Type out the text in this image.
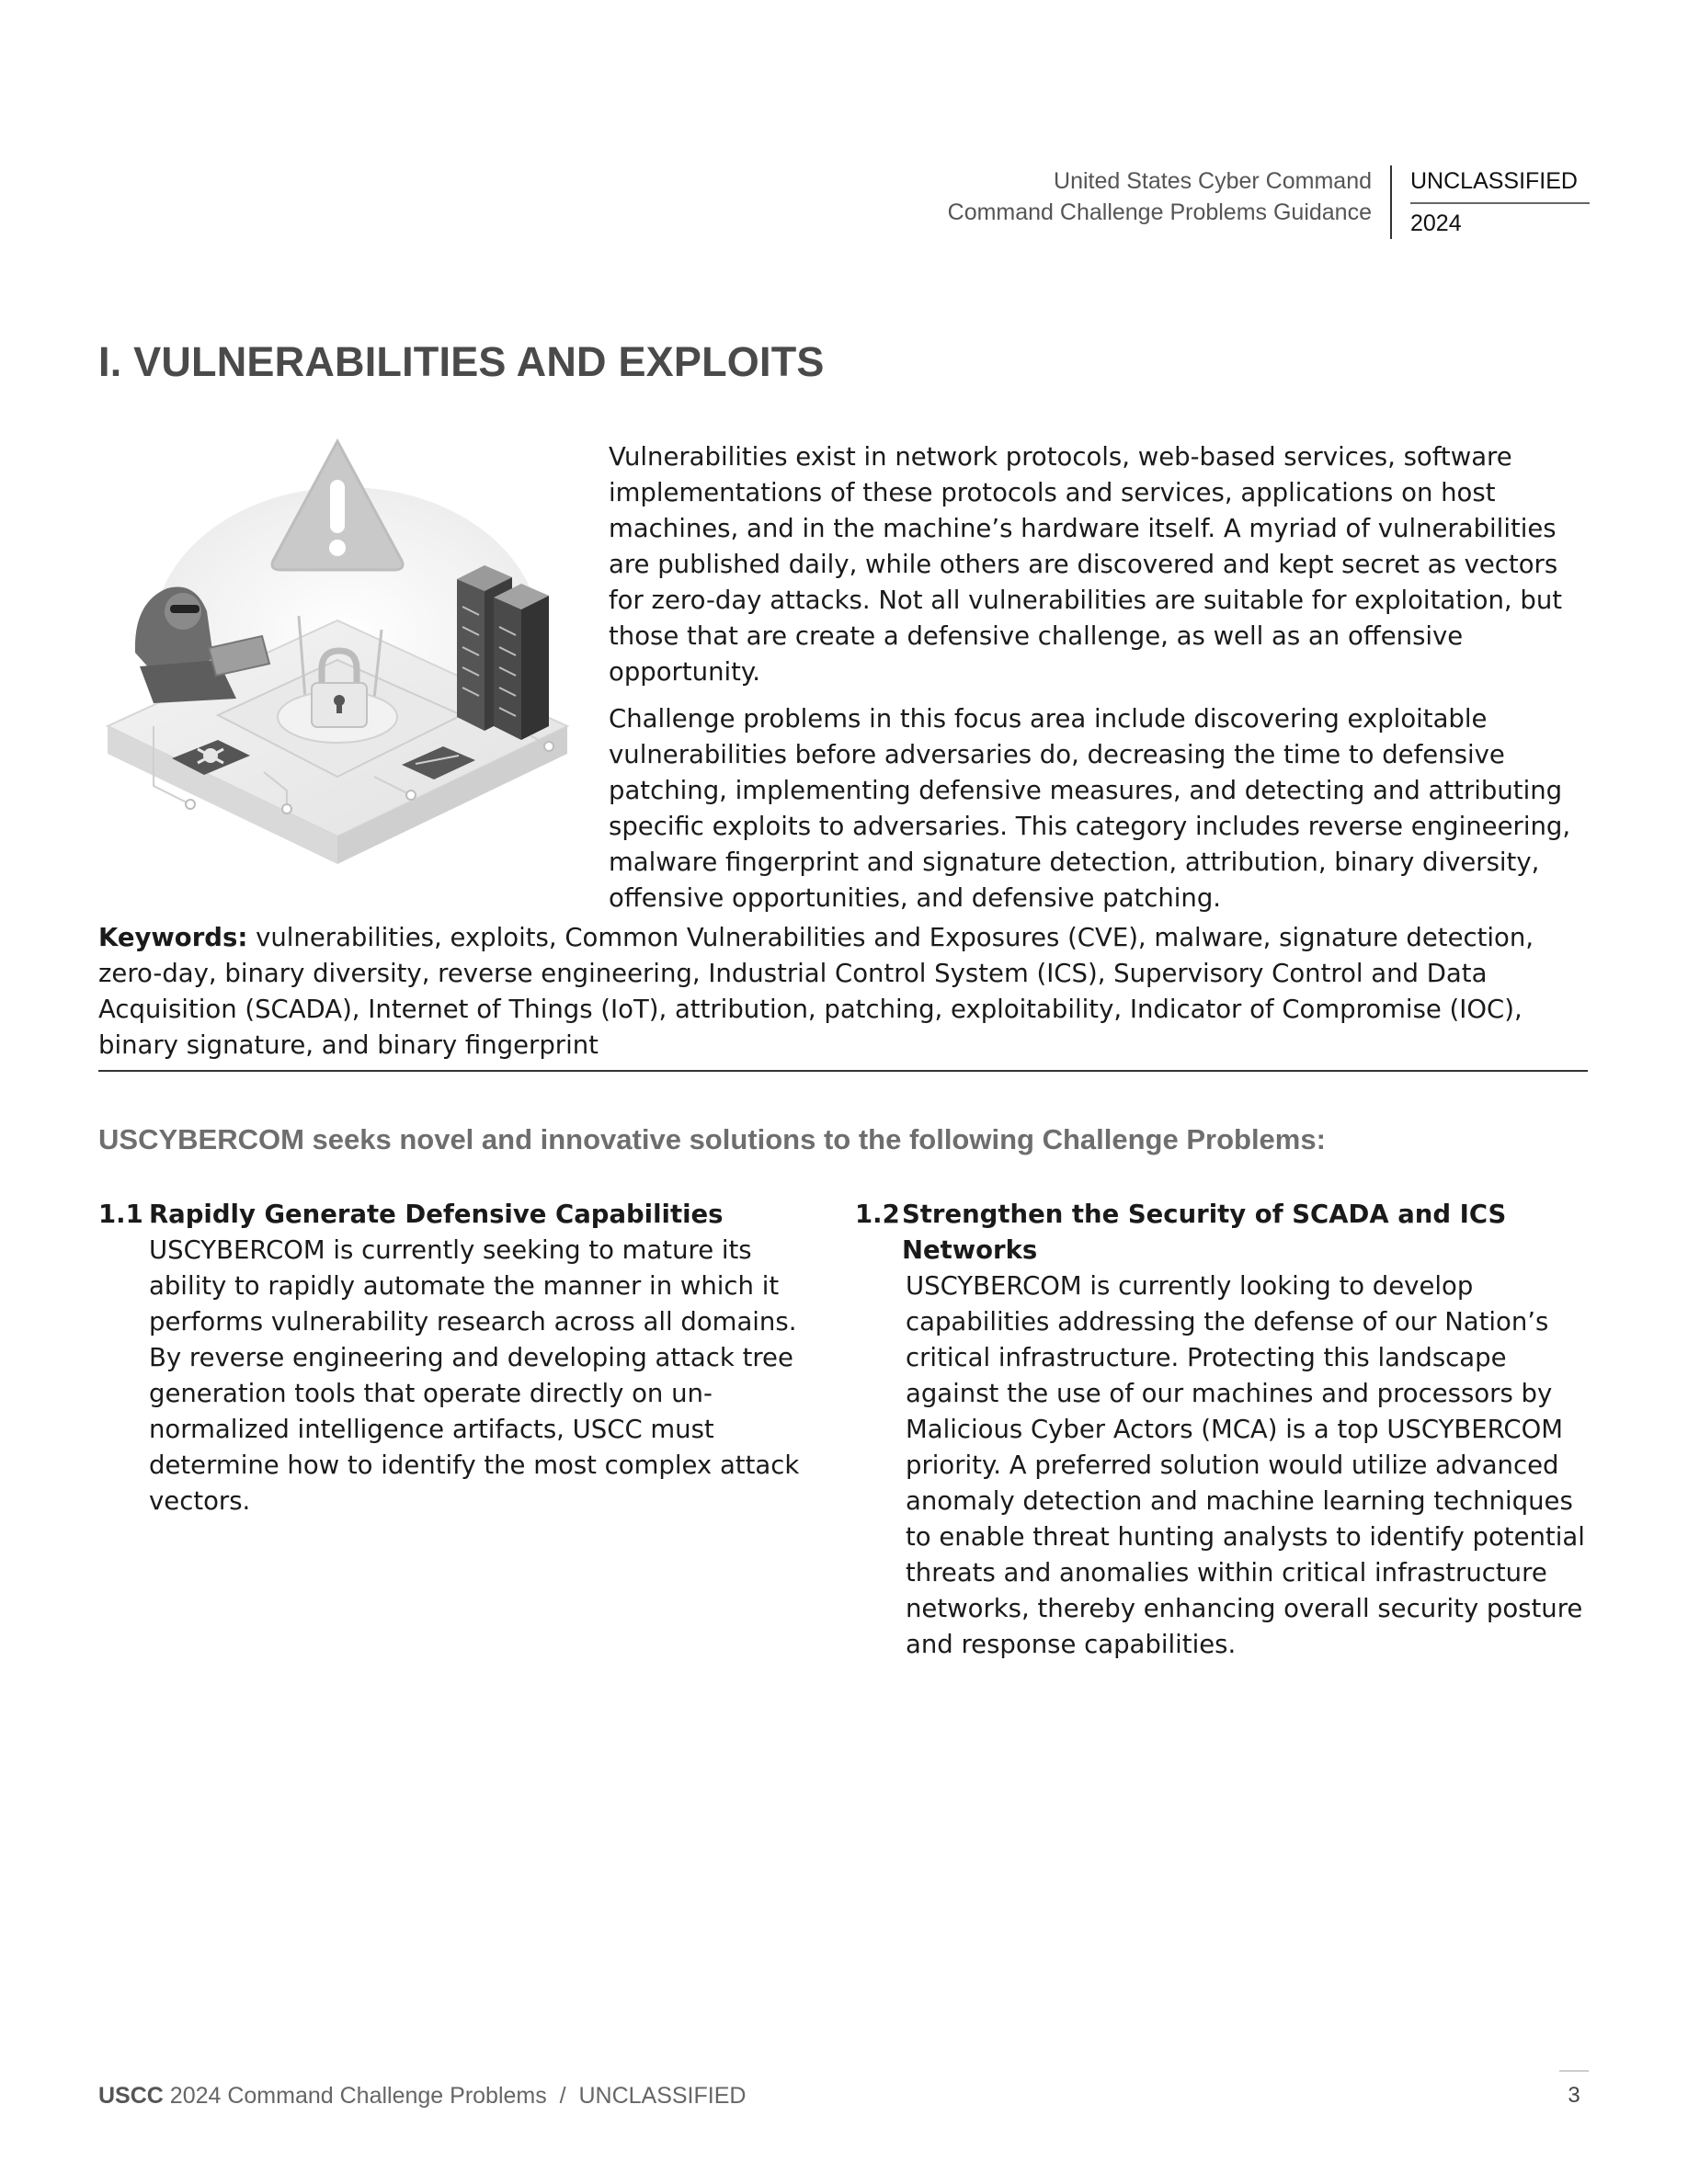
United States Cyber Command
Command Challenge Problems Guidance
UNCLASSIFIED
2024
I. VULNERABILITIES AND EXPLOITS

Vulnerabilities exist in network protocols, web-based services, software implementations of these protocols and services, applications on host machines, and in the machine’s hardware itself. A myriad of vulnerabilities are published daily, while others are discovered and kept secret as vectors for zero-day attacks. Not all vulnerabilities are suitable for exploitation, but those that are create a defensive challenge, as well as an offensive opportunity.

Challenge problems in this focus area include discovering exploitable vulnerabilities before adversaries do, decreasing the time to defensive patching, implementing defensive measures, and detecting and attributing specific exploits to adversaries. This category includes reverse engineering, malware fingerprint and signature detection, attribution, binary diversity, offensive opportunities, and defensive patching.

Keywords: vulnerabilities, exploits, Common Vulnerabilities and Exposures (CVE), malware, signature detection, zero-day, binary diversity, reverse engineering, Industrial Control System (ICS), Supervisory Control and Data Acquisition (SCADA), Internet of Things (IoT), attribution, patching, exploitability, Indicator of Compromise (IOC), binary signature, and binary fingerprint
USCYBERCOM seeks novel and innovative solutions to the following Challenge Problems:
1.1 Rapidly Generate Defensive Capabilities
USCYBERCOM is currently seeking to mature its ability to rapidly automate the manner in which it performs vulnerability research across all domains. By reverse engineering and developing attack tree generation tools that operate directly on un-normalized intelligence artifacts, USCC must determine how to identify the most complex attack vectors.
1.2 Strengthen the Security of SCADA and ICS Networks
USCYBERCOM is currently looking to develop capabilities addressing the defense of our Nation’s critical infrastructure. Protecting this landscape against the use of our machines and processors by Malicious Cyber Actors (MCA) is a top USCYBERCOM priority. A preferred solution would utilize advanced anomaly detection and machine learning techniques to enable threat hunting analysts to identify potential threats and anomalies within critical infrastructure networks, thereby enhancing overall security posture and response capabilities.
USCC 2024 Command Challenge Problems  /  UNCLASSIFIED	3
